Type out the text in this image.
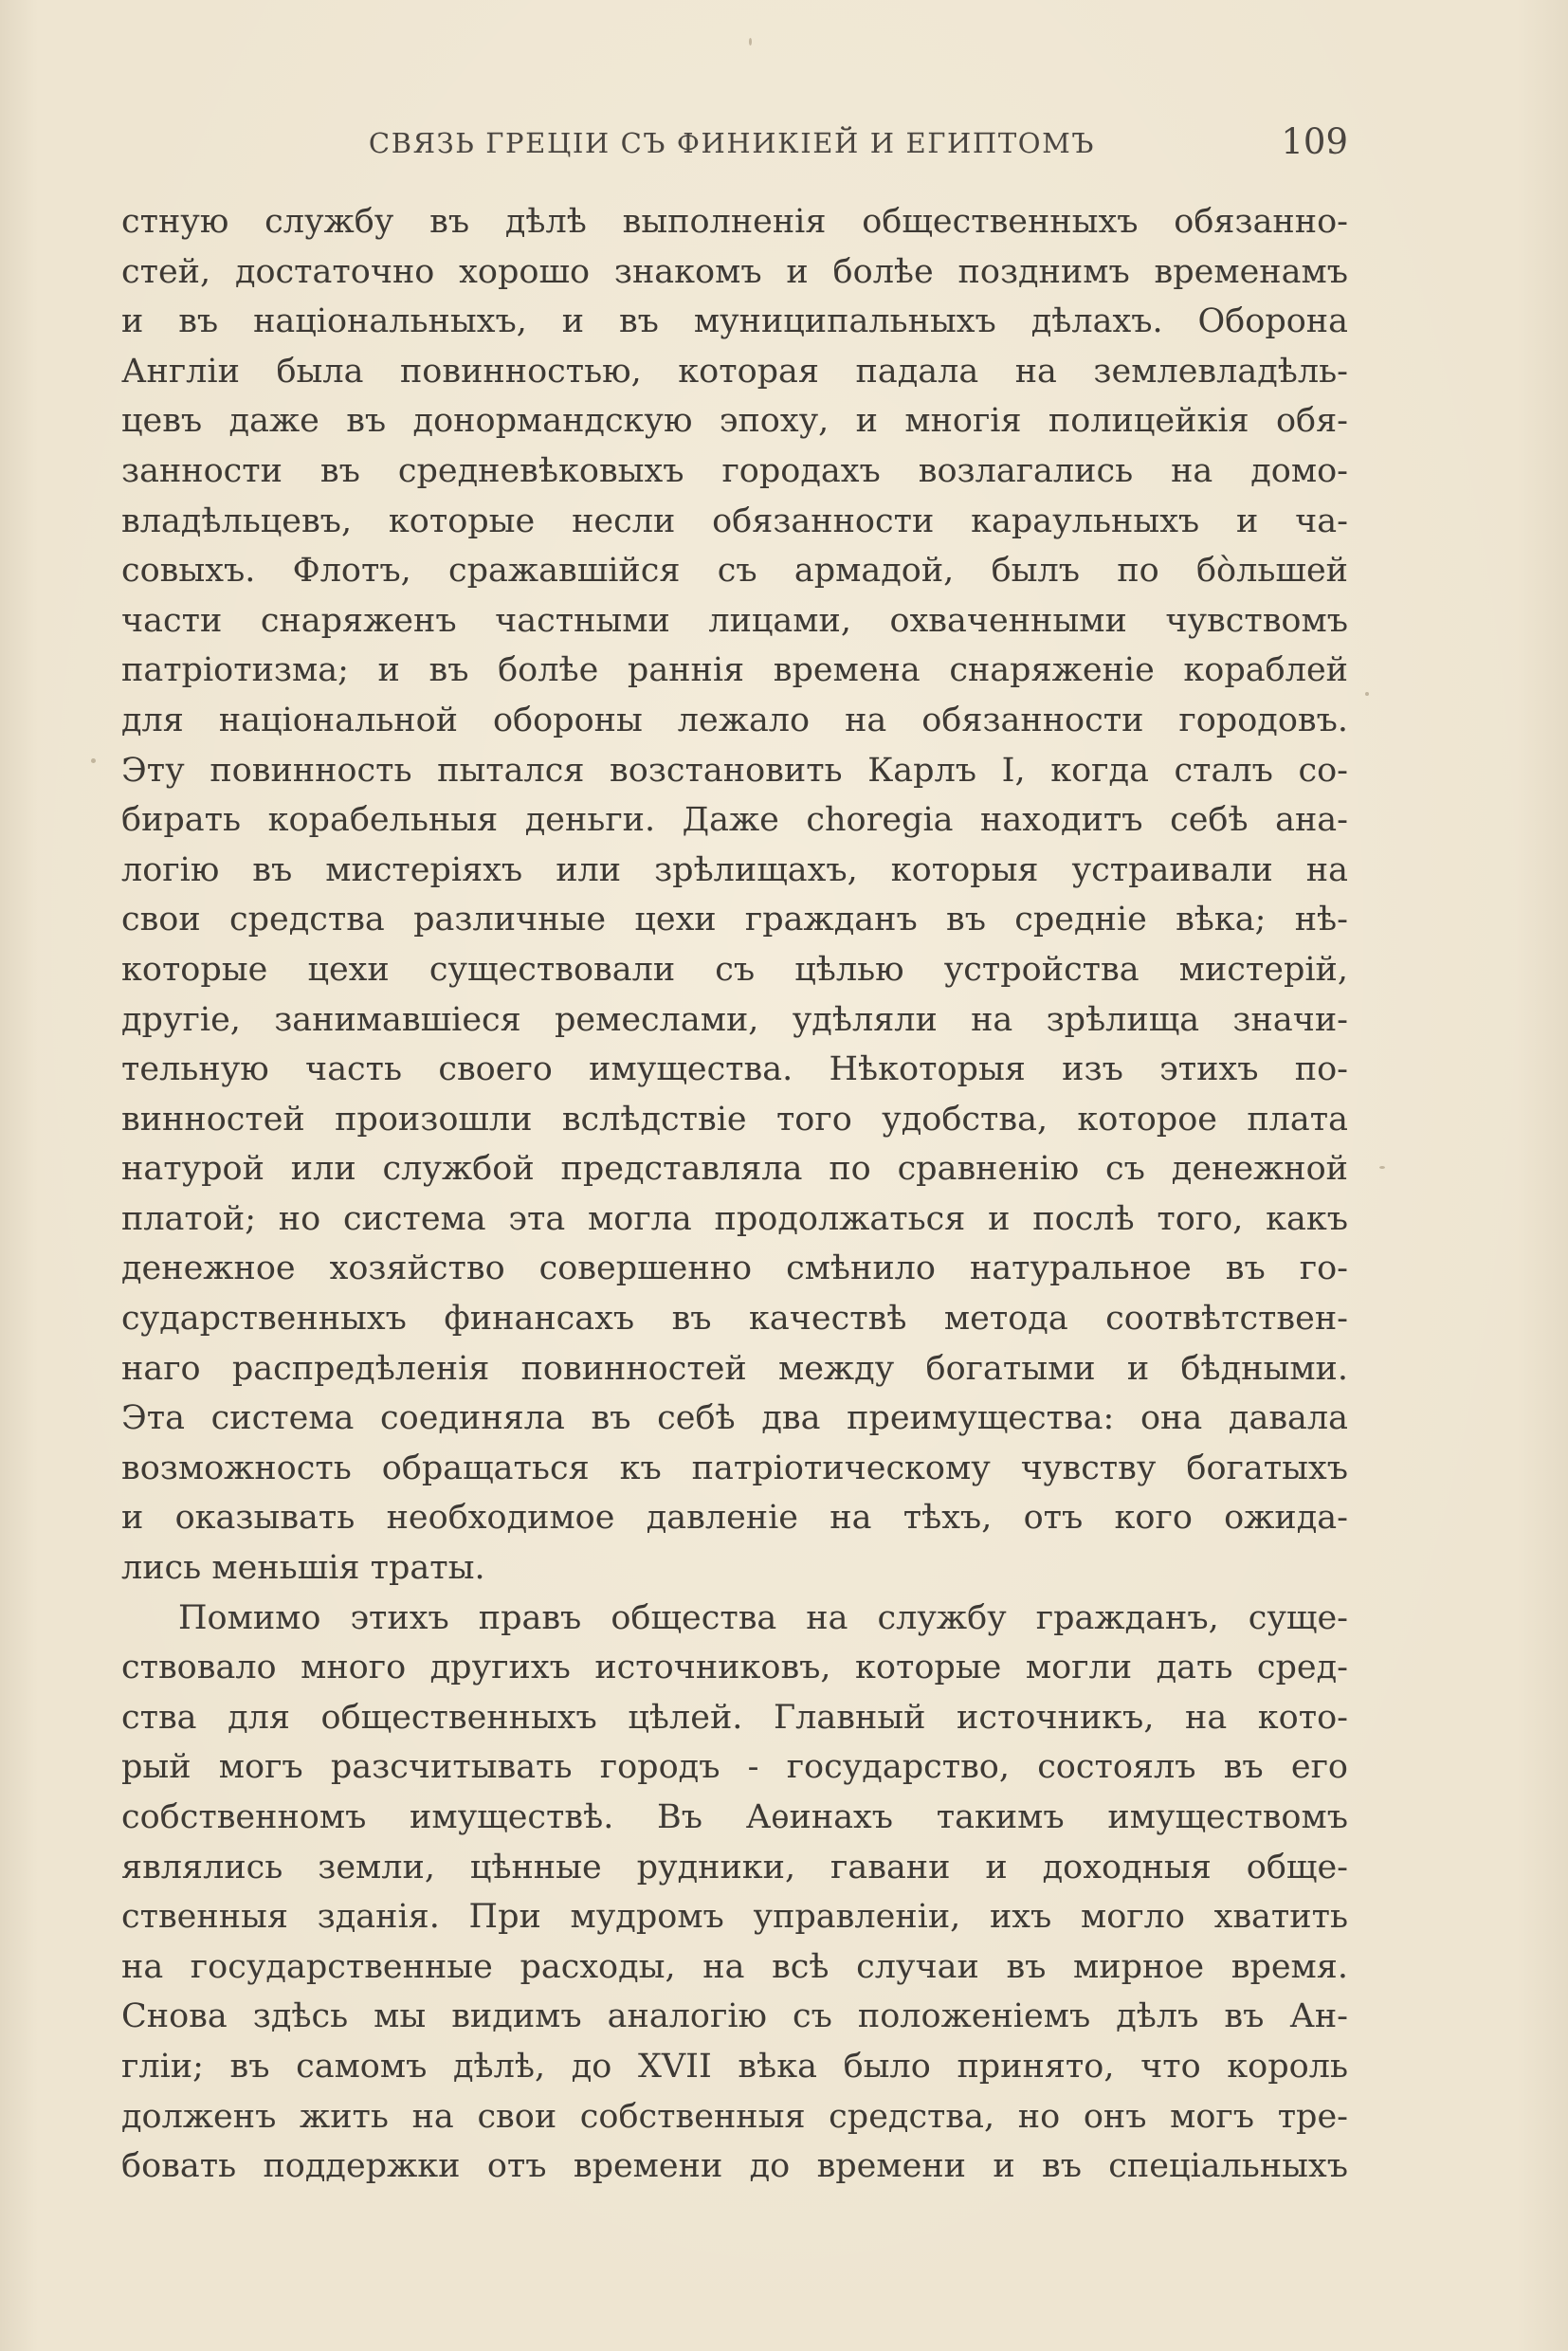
СВЯЗЬ ГРЕЦІИ СЪ ФИНИКІЕЙ И ЕГИПТОМЪ	109
стную службу въ дѣлѣ выполненія общественныхъ обязанно-
стей, достаточно хорошо знакомъ и болѣе позднимъ временамъ
и въ національныхъ, и въ муниципальныхъ дѣлахъ. Оборона
Англіи была повинностью, которая падала на землевладѣль-
цевъ даже въ донормандскую эпоху, и многія полицейкія обя-
занности въ средневѣковыхъ городахъ возлагались на домо-
владѣльцевъ, которые несли обязанности караульныхъ и ча-
совыхъ. Флотъ, сражавшійся съ армадой, былъ по бо̀льшей
части снаряженъ частными лицами, охваченными чувствомъ
патріотизма; и въ болѣе раннія времена снаряженіе кораблей
для національной обороны лежало на обязанности городовъ.
Эту повинность пытался возстановить Карлъ I, когда сталъ со-
бирать корабельныя деньги. Даже choregia находитъ себѣ ана-
логію въ мистеріяхъ или зрѣлищахъ, которыя устраивали на
свои средства различные цехи гражданъ въ средніе вѣка; нѣ-
которые цехи существовали съ цѣлью устройства мистерій,
другіе, занимавшіеся ремеслами, удѣляли на зрѣлища значи-
тельную часть своего имущества. Нѣкоторыя изъ этихъ по-
винностей произошли вслѣдствіе того удобства, которое плата
натурой или службой представляла по сравненію съ денежной
платой; но система эта могла продолжаться и послѣ того, какъ
денежное хозяйство совершенно смѣнило натуральное въ го-
сударственныхъ финансахъ въ качествѣ метода соотвѣтствен-
наго распредѣленія повинностей между богатыми и бѣдными.
Эта система соединяла въ себѣ два преимущества: она давала
возможность обращаться къ патріотическому чувству богатыхъ
и оказывать необходимое давленіе на тѣхъ, отъ кого ожида-
лись меньшія траты.
Помимо этихъ правъ общества на службу гражданъ, суще-
ствовало много другихъ источниковъ, которые могли дать сред-
ства для общественныхъ цѣлей. Главный источникъ, на кото-
рый могъ разсчитывать городъ - государство, состоялъ въ его
собственномъ имуществѣ. Въ Аѳинахъ такимъ имуществомъ
являлись земли, цѣнные рудники, гавани и доходныя обще-
ственныя зданія. При мудромъ управленіи, ихъ могло хватить
на государственные расходы, на всѣ случаи въ мирное время.
Снова здѣсь мы видимъ аналогію съ положеніемъ дѣлъ въ Ан-
гліи; въ самомъ дѣлѣ, до XVII вѣка было принято, что король
долженъ жить на свои собственныя средства, но онъ могъ тре-
бовать поддержки отъ времени до времени и въ спеціальныхъ
